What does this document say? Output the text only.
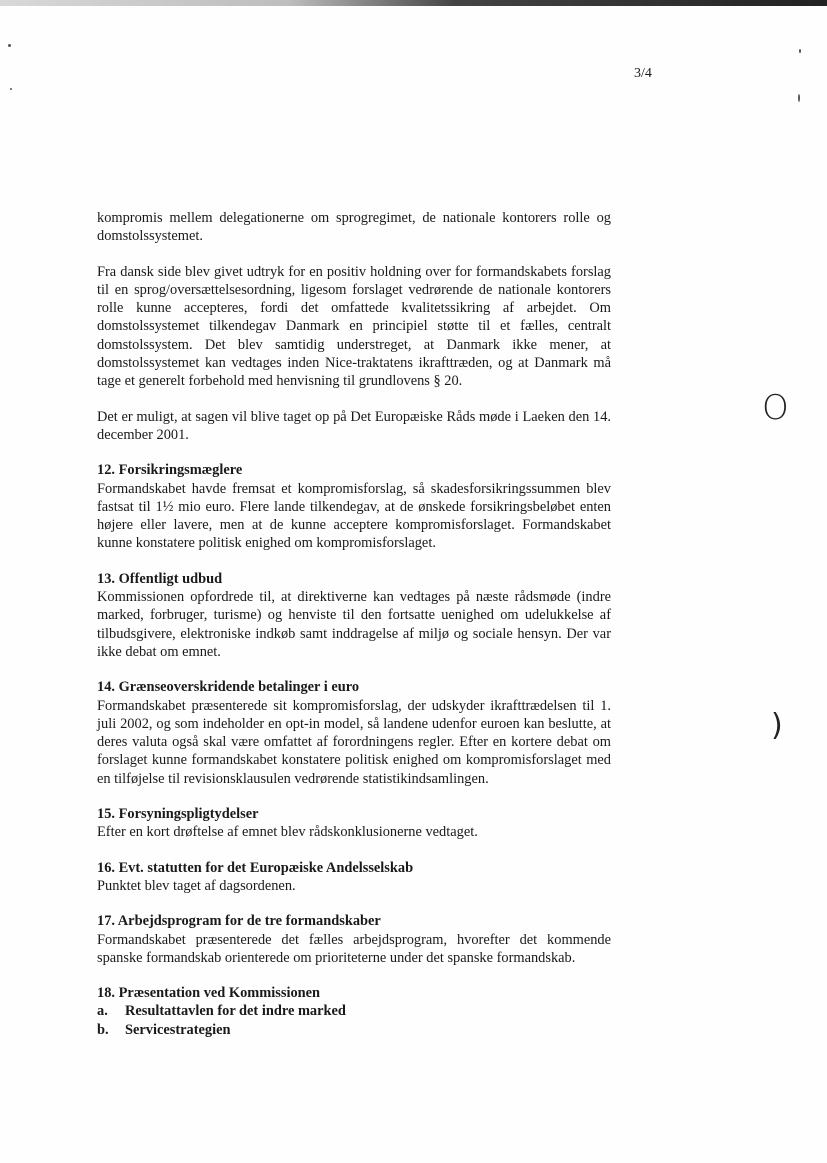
3/4
O
)

kompromis mellem delegationerne om sprogregimet, de nationale kontorers rolle og domstolssystemet.

Fra dansk side blev givet udtryk for en positiv holdning over for formandskabets forslag til en sprog/oversættelsesordning, ligesom forslaget vedrørende de nationale kontorers rolle kunne accepteres, fordi det omfattede kvalitetssikring af arbejdet. Om domstolssystemet tilkendegav Danmark en principiel støtte til et fælles, centralt domstolssystem. Det blev samtidig understreget, at Danmark ikke mener, at domstolssystemet kan vedtages inden Nice-traktatens ikrafttræden, og at Danmark må tage et generelt forbehold med henvisning til grundlovens § 20.

Det er muligt, at sagen vil blive taget op på Det Europæiske Råds møde i Laeken den 14. december 2001.

12. Forsikringsmæglere

Formandskabet havde fremsat et kompromisforslag, så skadesforsikringssummen blev fastsat til 1½ mio euro. Flere lande tilkendegav, at de ønskede forsikringsbeløbet enten højere eller lavere, men at de kunne acceptere kompromisforslaget. Formandskabet kunne konstatere politisk enighed om kompromisforslaget.

13. Offentligt udbud

Kommissionen opfordrede til, at direktiverne kan vedtages på næste rådsmøde (indre marked, forbruger, turisme) og henviste til den fortsatte uenighed om udelukkelse af tilbudsgivere, elektroniske indkøb samt inddragelse af miljø og sociale hensyn. Der var ikke debat om emnet.

14. Grænseoverskridende betalinger i euro

Formandskabet præsenterede sit kompromisforslag, der udskyder ikrafttrædelsen til 1. juli 2002, og som indeholder en opt-in model, så landene udenfor euroen kan beslutte, at deres valuta også skal være omfattet af forordningens regler. Efter en kortere debat om forslaget kunne formandskabet konstatere politisk enighed om kompromisforslaget med en tilføjelse til revisionsklausulen vedrørende statistikindsamlingen.

15. Forsyningspligtydelser

Efter en kort drøftelse af emnet blev rådskonklusionerne vedtaget.

16. Evt. statutten for det Europæiske Andelsselskab

Punktet blev taget af dagsordenen.

17. Arbejdsprogram for de tre formandskaber

Formandskabet præsenterede det fælles arbejdsprogram, hvorefter det kommende spanske formandskab orienterede om prioriteterne under det spanske formandskab.

18. Præsentation ved Kommissionen
a.	Resultattavlen for det indre marked
b.	Servicestrategien
